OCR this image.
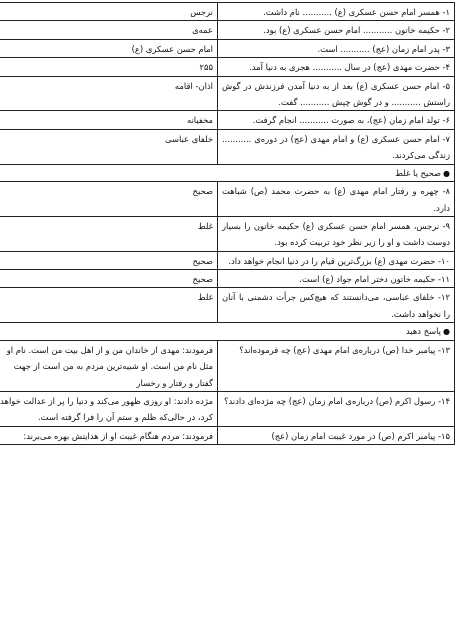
۱- همسر امام حسن عسکری (ع) ........... نام داشت.	نرجس
۲- حکیمه خاتون ........... امام حسن عسکری (ع) بود.	عمه‌ی
۳- پدر امام زمان (عج) ........... است.	امام حسن عسکری (ع)
۴- حضرت مهدی (عج) در سال ........... هجری به دنیا آمد.	۲۵۵
۵- امام حسن عسکری (ع) بعد از به دنیا آمدن فرزندش در گوش راستش ........... و در گوش چپش ........... گفت.	اذان- اقامه
۶- تولد امام زمان (عج)، به صورت ........... انجام گرفت.	مخفیانه
۷- امام حسن عسکری (ع) و امام مهدی (عج) در دوره‌ی ........... زندگی می‌کردند.	خلفای عباسی
●صحیح یا غلط	
۸- چهره و رفتار امام مهدی (ع) به حضرت محمد (ص) شباهت دارد.	صحیح
۹- نرجس، همسر امام حسن عسکری (ع) حکیمه خاتون را بسیار دوست داشت و او را زیر نظر خود تربیت کرده بود.	غلط
۱۰- حضرت مهدی (ع) بزرگ‌ترین قیام را در دنیا انجام خواهد داد.	صحیح
۱۱- حکیمه خاتون دختر امام جواد (ع) است.	صحیح
۱۲- خلفای عباسی، می‌دانستند که هیچ‌کس جرأت دشمنی با آنان را نخواهد داشت.	غلط
●پاسخ دهید	
۱۳- پیامبر خدا (ص) درباره‌ی امام مهدی (عج) چه فرموده‌اند؟	فرمودند: مهدی از خاندان من و از اهل بیت من است. نام او مثل نام من است. او شبیه‌ترین مردم به من است از جهت گفتار و رفتار و رخسار
۱۴- رسول اکرم (ص) درباره‌ی امام زمان (عج) چه مژده‌ای دادند؟	مژده دادند: او روزی ظهور می‌کند و دنیا را پر از عدالت خواهد کرد، در حالی‌که ظلم و ستم آن را فرا گرفته است.
۱۵- پیامبر اکرم (ص) در مورد غیبت امام زمان (عج)	فرمودند: مردم هنگام غیبت او از هدایتش بهره می‌برند:
